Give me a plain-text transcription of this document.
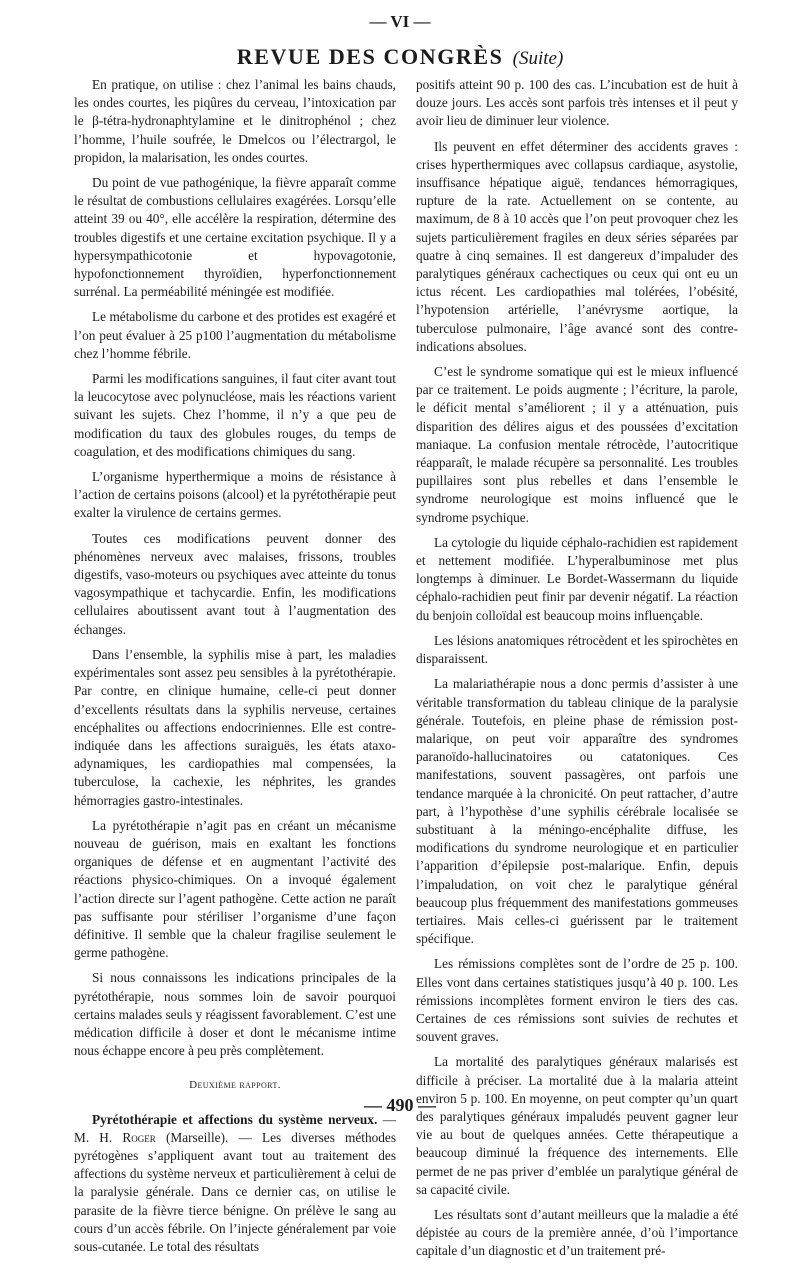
— VI —
REVUE DES CONGRÈS (Suite)

En pratique, on utilise : chez l’animal les bains chauds, les ondes courtes, les piqûres du cerveau, l’intoxication par le β-tétra-hydronaphtylamine et le dinitrophénol ; chez l’homme, l’huile soufrée, le Dmelcos ou l’électrargol, le propidon, la malarisation, les ondes courtes.

Du point de vue pathogénique, la fièvre apparaît comme le résultat de combustions cellulaires exagérées. Lorsqu’elle atteint 39 ou 40°, elle accélère la respiration, détermine des troubles digestifs et une certaine excitation psychique. Il y a hypersympathicotonie et hypovagotonie, hypofonctionnement thyroïdien, hyperfonctionnement surrénal. La perméabilité méningée est modifiée.

Le métabolisme du carbone et des protides est exagéré et l’on peut évaluer à 25 p100 l’augmentation du métabolisme chez l’homme fébrile.

Parmi les modifications sanguines, il faut citer avant tout la leucocytose avec polynucléose, mais les réactions varient suivant les sujets. Chez l’homme, il n’y a que peu de modification du taux des globules rouges, du temps de coagulation, et des modifications chimiques du sang.

L’organisme hyperthermique a moins de résistance à l’action de certains poisons (alcool) et la pyrétothérapie peut exalter la virulence de certains germes.

Toutes ces modifications peuvent donner des phénomènes nerveux avec malaises, frissons, troubles digestifs, vaso-moteurs ou psychiques avec atteinte du tonus vagosympathique et tachycardie. Enfin, les modifications cellulaires aboutissent avant tout à l’augmentation des échanges.

Dans l’ensemble, la syphilis mise à part, les maladies expérimentales sont assez peu sensibles à la pyrétothérapie. Par contre, en clinique humaine, celle-ci peut donner d’excellents résultats dans la syphilis nerveuse, certaines encéphalites ou affections endocriniennes. Elle est contre-indiquée dans les affections suraiguës, les états ataxo-adynamiques, les cardiopathies mal compensées, la tuberculose, la cachexie, les néphrites, les grandes hémorragies gastro-intestinales.

La pyrétothérapie n’agit pas en créant un mécanisme nouveau de guérison, mais en exaltant les fonctions organiques de défense et en augmentant l’activité des réactions physico-chimiques. On a invoqué également l’action directe sur l’agent pathogène. Cette action ne paraît pas suffisante pour stériliser l’organisme d’une façon définitive. Il semble que la chaleur fragilise seulement le germe pathogène.

Si nous connaissons les indications principales de la pyrétothérapie, nous sommes loin de savoir pourquoi certains malades seuls y réagissent favorablement. C’est une médication difficile à doser et dont le mécanisme intime nous échappe encore à peu près complètement.

Deuxième rapport.

Pyrétothérapie et affections du système nerveux. — M. H. Roger (Marseille). — Les diverses méthodes pyrétogènes s’appliquent avant tout au traitement des affections du système nerveux et particulièrement à celui de la paralysie générale. Dans ce dernier cas, on utilise le parasite de la fièvre tierce bénigne. On prélève le sang au cours d’un accès fébrile. On l’injecte généralement par voie sous-cutanée. Le total des résultats

positifs atteint 90 p. 100 des cas. L’incubation est de huit à douze jours. Les accès sont parfois très intenses et il peut y avoir lieu de diminuer leur violence.

Ils peuvent en effet déterminer des accidents graves : crises hyperthermiques avec collapsus cardiaque, asystolie, insuffisance hépatique aiguë, tendances hémorragiques, rupture de la rate. Actuellement on se contente, au maximum, de 8 à 10 accès que l’on peut provoquer chez les sujets particulièrement fragiles en deux séries séparées par quatre à cinq semaines. Il est dangereux d’impaluder des paralytiques généraux cachectiques ou ceux qui ont eu un ictus récent. Les cardiopathies mal tolérées, l’obésité, l’hypotension artérielle, l’anévrysme aortique, la tuberculose pulmonaire, l’âge avancé sont des contre-indications absolues.

C’est le syndrome somatique qui est le mieux influencé par ce traitement. Le poids augmente ; l’écriture, la parole, le déficit mental s’améliorent ; il y a atténuation, puis disparition des délires aigus et des poussées d’excitation maniaque. La confusion mentale rétrocède, l’autocritique réapparaît, le malade récupère sa personnalité. Les troubles pupillaires sont plus rebelles et dans l’ensemble le syndrome neurologique est moins influencé que le syndrome psychique.

La cytologie du liquide céphalo-rachidien est rapidement et nettement modifiée. L’hyperalbuminose met plus longtemps à diminuer. Le Bordet-Wassermann du liquide céphalo-rachidien peut finir par devenir négatif. La réaction du benjoin colloïdal est beaucoup moins influençable.

Les lésions anatomiques rétrocèdent et les spirochètes en disparaissent.

La malariathérapie nous a donc permis d’assister à une véritable transformation du tableau clinique de la paralysie générale. Toutefois, en pleine phase de rémission post-malarique, on peut voir apparaître des syndromes paranoïdo-hallucinatoires ou catatoniques. Ces manifestations, souvent passagères, ont parfois une tendance marquée à la chronicité. On peut rattacher, d’autre part, à l’hypothèse d’une syphilis cérébrale localisée se substituant à la méningo-encéphalite diffuse, les modifications du syndrome neurologique et en particulier l’apparition d’épilepsie post-malarique. Enfin, depuis l’impaludation, on voit chez le paralytique général beaucoup plus fréquemment des manifestations gommeuses tertiaires. Mais celles-ci guérissent par le traitement spécifique.

Les rémissions complètes sont de l’ordre de 25 p. 100. Elles vont dans certaines statistiques jusqu’à 40 p. 100. Les rémissions incomplètes forment environ le tiers des cas. Certaines de ces rémissions sont suivies de rechutes et souvent graves.

La mortalité des paralytiques généraux malarisés est difficile à préciser. La mortalité due à la malaria atteint environ 5 p. 100. En moyenne, on peut compter qu’un quart des paralytiques généraux impaludés peuvent gagner leur vie au bout de quelques années. Cette thérapeutique a beaucoup diminué la fréquence des internements. Elle permet de ne pas priver d’emblée un paralytique général de sa capacité civile.

Les résultats sont d’autant meilleurs que la maladie a été dépistée au cours de la première année, d’où l’importance capitale d’un diagnostic et d’un traitement pré-

— 490 —
